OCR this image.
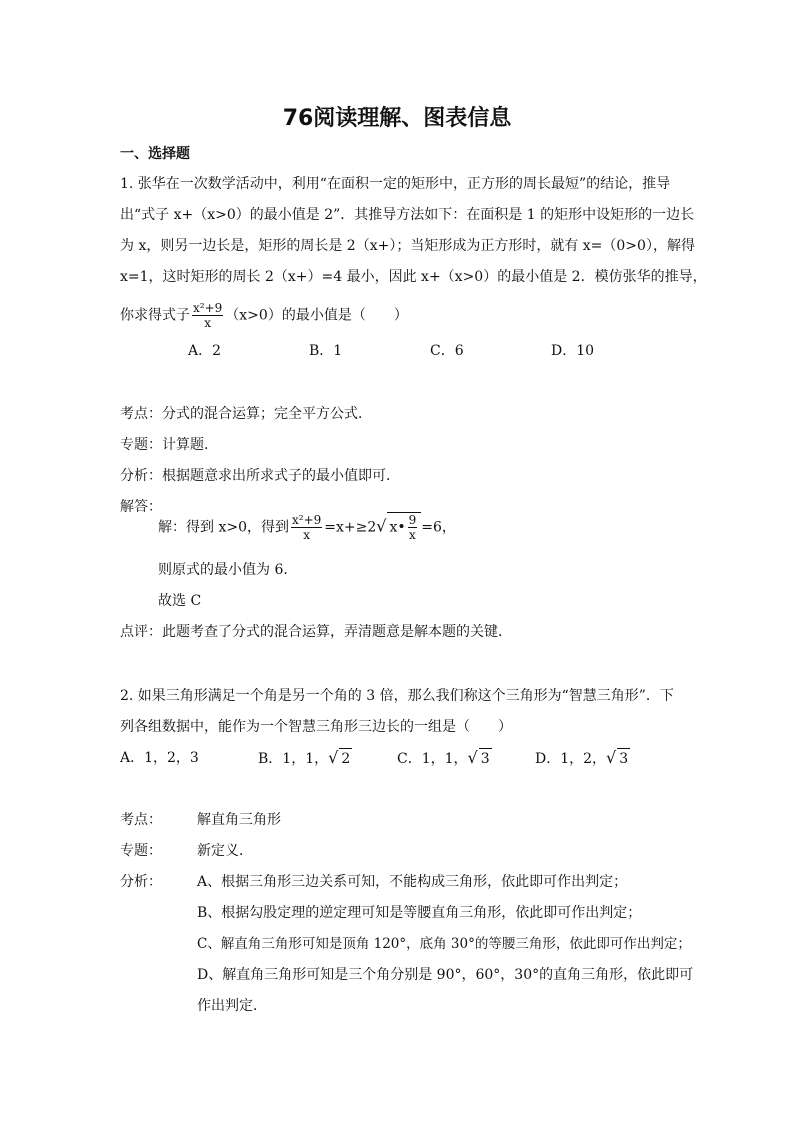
76阅读理解、图表信息
一、选择题
1. 张华在一次数学活动中，利用“在面积一定的矩形中，正方形的周长最短”的结论，推导
出“式子 x+（x>0）的最小值是 2”．其推导方法如下：在面积是 1 的矩形中设矩形的一边长
为 x，则另一边长是，矩形的周长是 2（x+）；当矩形成为正方形时，就有 x=（0>0），解得
x=1，这时矩形的周长 2（x+）=4 最小，因此 x+（x>0）的最小值是 2．模仿张华的推导，
你求得式子 $\frac{\text{x²+9}}{x} (x>0)$的最小值是（　　）
A．2	B．1	C．6	D．10
考点：分式的混合运算；完全平方公式．
专题：计算题．
分析：根据题意求出所求式子的最小值即可．
解答：
解：得到 x>0，得到 $\frac{\text{x²+9}}{x} =x+\ge 2√$ x• $\frac{9}{x} =6$，
则原式的最小值为 6．
故选 C
点评：此题考查了分式的混合运算，弄清题意是解本题的关键．
2. 如果三角形满足一个角是另一个角的 3 倍，那么我们称这个三角形为“智慧三角形”．下
列各组数据中，能作为一个智慧三角形三边长的一组是（　　）
A．1，2，3	B．1，1，√ 2	C．1，1，√ 3	D．1，2，√ 3
考点：	解直角三角形
专题：	新定义．
分析：	A、根据三角形三边关系可知，不能构成三角形，依此即可作出判定；
B、根据勾股定理的逆定理可知是等腰直角三角形，依此即可作出判定；
C、解直角三角形可知是顶角 120°，底角 30°的等腰三角形，依此即可作出判定；
D、解直角三角形可知是三个角分别是 90°，60°，30°的直角三角形，依此即可
作出判定．
